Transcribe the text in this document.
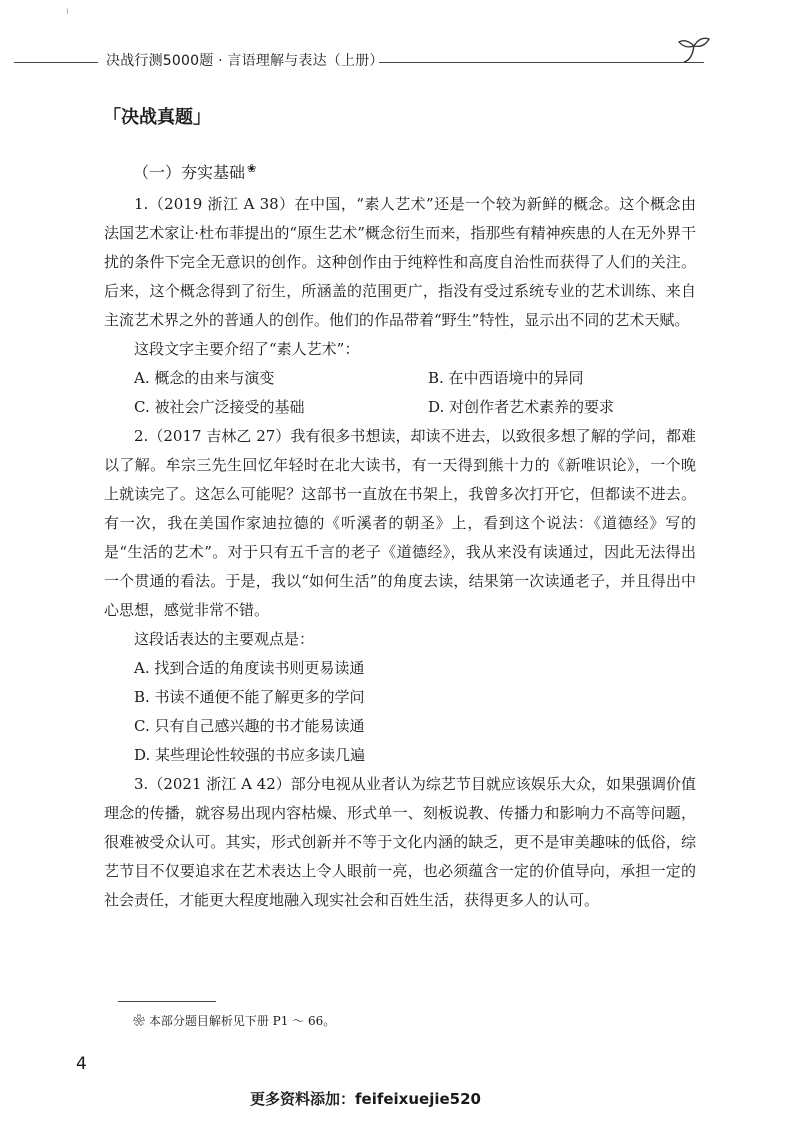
ı
决战行测5000题 · 言语理解与表达（上册）
「决战真题」
（一）夯实基础 ❀

1.（2019 浙江 A 38）在中国，“素人艺术”还是一个较为新鲜的概念。这个概念由法国艺术家让·杜布菲提出的“原生艺术”概念衍生而来，指那些有精神疾患的人在无外界干扰的条件下完全无意识的创作。这种创作由于纯粹性和高度自治性而获得了人们的关注。后来，这个概念得到了衍生，所涵盖的范围更广，指没有受过系统专业的艺术训练、来自主流艺术界之外的普通人的创作。他们的作品带着“野生”特性，显示出不同的艺术天赋。

这段文字主要介绍了“素人艺术”：

A. 概念的由来与演变	B. 在中西语境中的异同

C. 被社会广泛接受的基础	D. 对创作者艺术素养的要求

2.（2017 吉林乙 27）我有很多书想读，却读不进去，以致很多想了解的学问，都难以了解。牟宗三先生回忆年轻时在北大读书，有一天得到熊十力的《新唯识论》，一个晚上就读完了。这怎么可能呢？这部书一直放在书架上，我曾多次打开它，但都读不进去。有一次，我在美国作家迪拉德的《听溪者的朝圣》上，看到这个说法：《道德经》写的是“生活的艺术”。对于只有五千言的老子《道德经》，我从来没有读通过，因此无法得出一个贯通的看法。于是，我以“如何生活”的角度去读，结果第一次读通老子，并且得出中心思想，感觉非常不错。

这段话表达的主要观点是：

A. 找到合适的角度读书则更易读通

B. 书读不通便不能了解更多的学问

C. 只有自己感兴趣的书才能易读通

D. 某些理论性较强的书应多读几遍

3.（2021 浙江 A 42）部分电视从业者认为综艺节目就应该娱乐大众，如果强调价值理念的传播，就容易出现内容枯燥、形式单一、刻板说教、传播力和影响力不高等问题，很难被受众认可。其实，形式创新并不等于文化内涵的缺乏，更不是审美趣味的低俗，综艺节目不仅要追求在艺术表达上令人眼前一亮，也必须蕴含一定的价值导向，承担一定的社会责任，才能更大程度地融入现实社会和百姓生活，获得更多人的认可。

❀ 本部分题目解析见下册 P1 ～ 66。
4
更多资料添加：feifeixuejie520
